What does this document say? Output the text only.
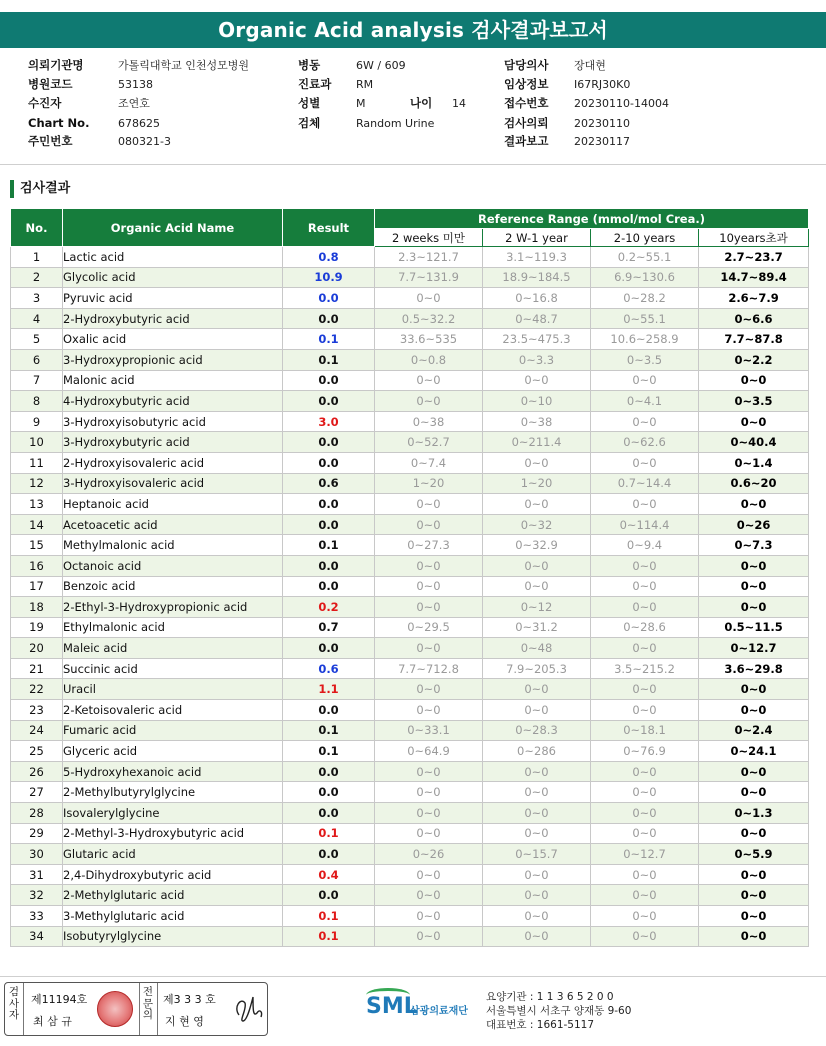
Organic Acid analysis 검사결과보고서
의뢰기관명	가톨릭대학교 인천성모병원	병동	6W / 609	담당의사 장대현
병원코드	53138	진료과 RM	임상정보 I67RJ30K0
수진자	조연호	성별	M	나이 14	접수번호 20230110-14004
Chart No.	678625	검체	Random Urine	검사의뢰 20230110
주민번호	080321-3	결과보고 20230117
검사결과
No.	Organic Acid Name	Result	Reference Range (mmol/mol Crea.)			
			2 weeks 미만	2 W-1 year	2-10 years	10years초과
1	Lactic acid	0.8	2.3~121.7	3.1~119.3	0.2~55.1	2.7~23.7
2	Glycolic acid	10.9	7.7~131.9	18.9~184.5	6.9~130.6	14.7~89.4
3	Pyruvic acid	0.0	0~0	0~16.8	0~28.2	2.6~7.9
4	2-Hydroxybutyric acid	0.0	0.5~32.2	0~48.7	0~55.1	0~6.6
5	Oxalic acid	0.1	33.6~535	23.5~475.3	10.6~258.9	7.7~87.8
6	3-Hydroxypropionic acid	0.1	0~0.8	0~3.3	0~3.5	0~2.2
7	Malonic acid	0.0	0~0	0~0	0~0	0~0
8	4-Hydroxybutyric acid	0.0	0~0	0~10	0~4.1	0~3.5
9	3-Hydroxyisobutyric acid	3.0	0~38	0~38	0~0	0~0
10	3-Hydroxybutyric acid	0.0	0~52.7	0~211.4	0~62.6	0~40.4
11	2-Hydroxyisovaleric acid	0.0	0~7.4	0~0	0~0	0~1.4
12	3-Hydroxyisovaleric acid	0.6	1~20	1~20	0.7~14.4	0.6~20
13	Heptanoic acid	0.0	0~0	0~0	0~0	0~0
14	Acetoacetic acid	0.0	0~0	0~32	0~114.4	0~26
15	Methylmalonic acid	0.1	0~27.3	0~32.9	0~9.4	0~7.3
16	Octanoic acid	0.0	0~0	0~0	0~0	0~0
17	Benzoic acid	0.0	0~0	0~0	0~0	0~0
18	2-Ethyl-3-Hydroxypropionic acid	0.2	0~0	0~12	0~0	0~0
19	Ethylmalonic acid	0.7	0~29.5	0~31.2	0~28.6	0.5~11.5
20	Maleic acid	0.0	0~0	0~48	0~0	0~12.7
21	Succinic acid	0.6	7.7~712.8	7.9~205.3	3.5~215.2	3.6~29.8
22	Uracil	1.1	0~0	0~0	0~0	0~0
23	2-Ketoisovaleric acid	0.0	0~0	0~0	0~0	0~0
24	Fumaric acid	0.1	0~33.1	0~28.3	0~18.1	0~2.4
25	Glyceric acid	0.1	0~64.9	0~286	0~76.9	0~24.1
26	5-Hydroxyhexanoic acid	0.0	0~0	0~0	0~0	0~0
27	2-Methylbutyrylglycine	0.0	0~0	0~0	0~0	0~0
28	Isovalerylglycine	0.0	0~0	0~0	0~0	0~1.3
29	2-Methyl-3-Hydroxybutyric acid	0.1	0~0	0~0	0~0	0~0
30	Glutaric acid	0.0	0~26	0~15.7	0~12.7	0~5.9
31	2,4-Dihydroxybutyric acid	0.4	0~0	0~0	0~0	0~0
32	2-Methylglutaric acid	0.0	0~0	0~0	0~0	0~0
33	3-Methylglutaric acid	0.1	0~0	0~0	0~0	0~0
34	Isobutyrylglycine	0.1	0~0	0~0	0~0	0~0
검사자
제11194호
최 삼 규
전문의
제3 3 3 호
지 현 영
SML
삼광의료재단
요양기관 : 1 1 3 6 5 2 0 0
서울특별시 서초구 양재동 9-60
대표번호 : 1661-5117
